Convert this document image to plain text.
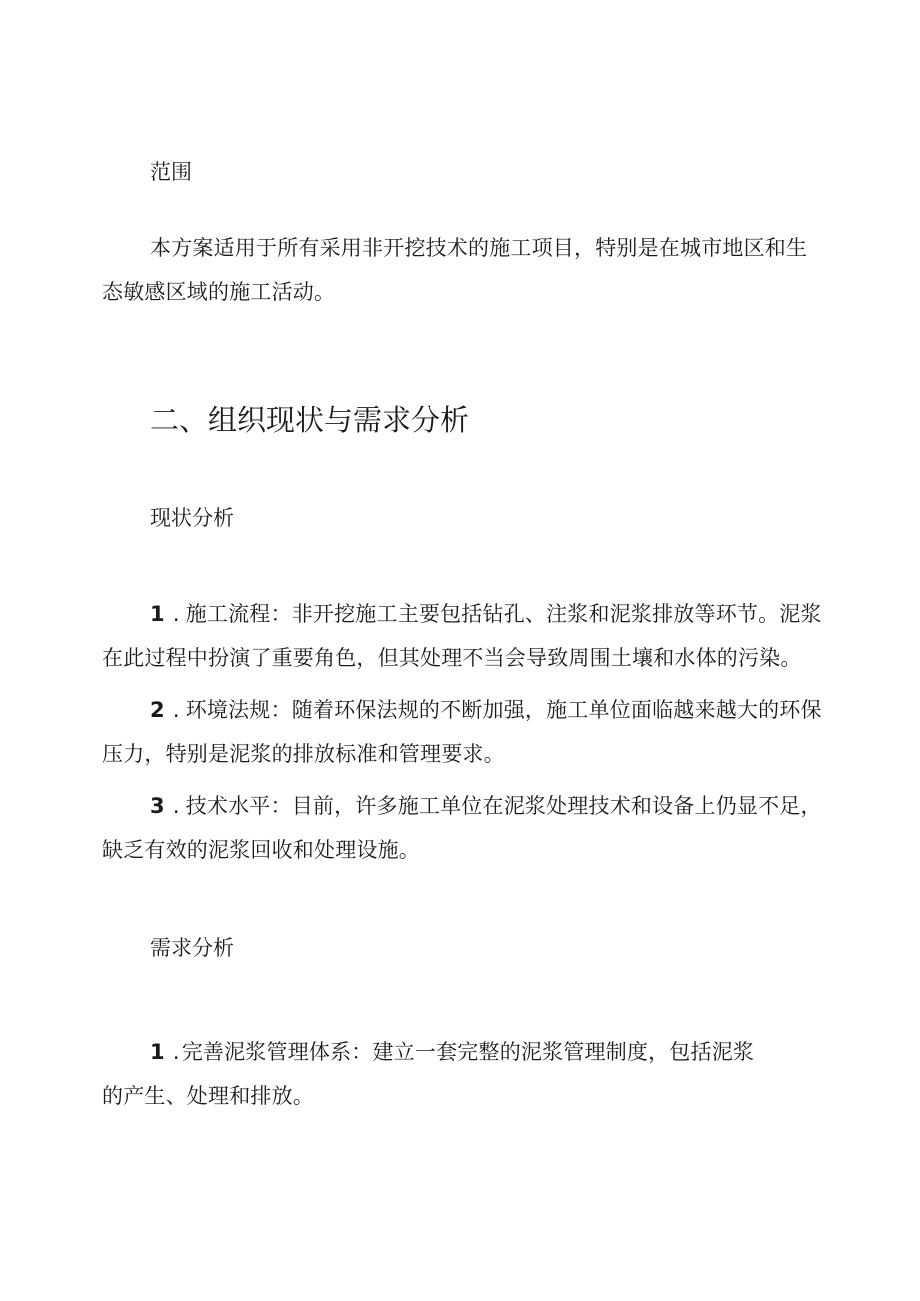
范围

本方案适用于所有采用非开挖技术的施工项目，特别是在城市地区和生态敏感区域的施工活动。

二、组织现状与需求分析
现状分析

1 . 施工流程：非开挖施工主要包括钻孔、注浆和泥浆排放等环节。泥浆在此过程中扮演了重要角色，但其处理不当会导致周围土壤和水体的污染。

2 . 环境法规：随着环保法规的不断加强，施工单位面临越来越大的环保压力，特别是泥浆的排放标准和管理要求。

3 . 技术水平：目前，许多施工单位在泥浆处理技术和设备上仍显不足，缺乏有效的泥浆回收和处理设施。

需求分析

1 .完善泥浆管理体系：建立一套完整的泥浆管理制度，包括泥浆的产生、处理和排放。
